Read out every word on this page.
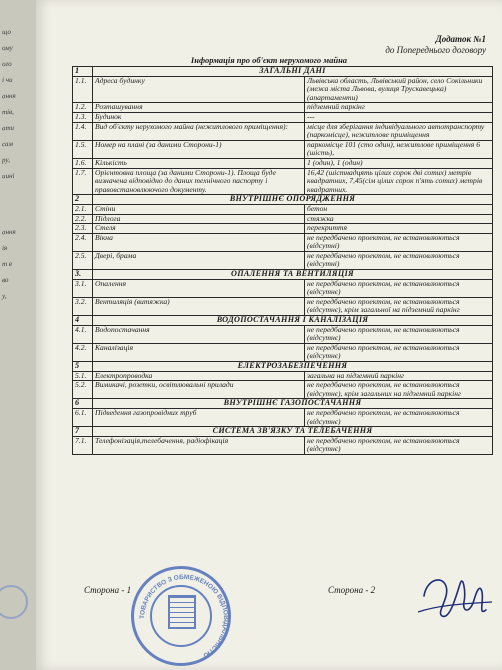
що
ому
ого
і чи
ання
тів,
ати
сам
ру,
иині
ання
ія
т в
во
у,
Додаток №1
до Попереднього договору
Інформація про об'єкт нерухомого майна
1	ЗАГАЛЬНІ ДАНІ	
1.1.	Адреса будинку	Львівська область, Львівський район, село Сокільники (межа міста Львова, вулиця Трускавецька)(апартаменти)
1.2.	Розташування	підземний паркінг
1.3.	Будинок	---
1.4.	Вид об'єкту нерухомого майна (нежитлового приміщення):	місце для зберігання індивідуального автотранспорту (паркомісце), нежитлове приміщення
1.5.	Номер на плані (за даними Сторони-1)	паркомісце 101 (сто один), нежитлове приміщення 6 (шість),
1.6.	Кількість	1 (один), 1 (один)
1.7.	Орієнтовна площа (за даними Сторони-1). Площа буде визначена відповідно до даних технічного паспорту і правовстановлюючого документу.	16,42 (шістнадцять цілих сорок дві сотих) метрів квадратних, 7,45(сім цілих сорок п'ять сотих) метрів квадратних.
2	ВНУТРІШНЄ ОПОРЯДЖЕННЯ	
2.1.	Стіни	бетон
2.2.	Підлога	стяжка
2.3.	Стеля	перекриття
2.4.	Вікна	не передбачено проектом, не встановлюються (відсутні)
2.5.	Двері, брама	не передбачено проектом, не встановлюються (відсутні)
3.	ОПАЛЕННЯ ТА ВЕНТИЛЯЦІЯ	
3.1.	Опалення	не передбачено проектом, не встановлюються (відсутнє)
3.2.	Вентиляція (витяжка)	не передбачено проектом, не встановлюються (відсутнє), крім загальної на підземний паркінг
4	ВОДОПОСТАЧАННЯ І КАНАЛІЗАЦІЯ	
4.1.	Водопостачання	не передбачено проектом, не встановлюються (відсутнє)
4.2.	Каналізація	не передбачено проектом, не встановлюються (відсутнє)
5	ЕЛЕКТРОЗАБЕЗПЕЧЕННЯ	
5.1.	Електропроводка	загальна на підземний паркінг
5.2.	Вимикачі, розетки, освітлювальні прилади	не передбачено проектом, не встановлюються (відсутнє), крім загальних на підземний паркінг
6	ВНУТРІШНЄ ГАЗОПОСТАЧАННЯ	
6.1.	Підведення газопровідних труб	не передбачено проектом, не встановлюються (відсутнє)
7	СИСТЕМА ЗВ'ЯЗКУ ТА ТЕЛЕБАЧЕННЯ	
7.1.	Телефонізація,телебачення, радіофікація	не передбачено проектом, не встановлюються (відсутнє)
Сторона - 1	Сторона - 2
ТОВАРИСТВО З ОБМЕЖЕНОЮ ВІДПОВІДАЛЬНІСТЮ
